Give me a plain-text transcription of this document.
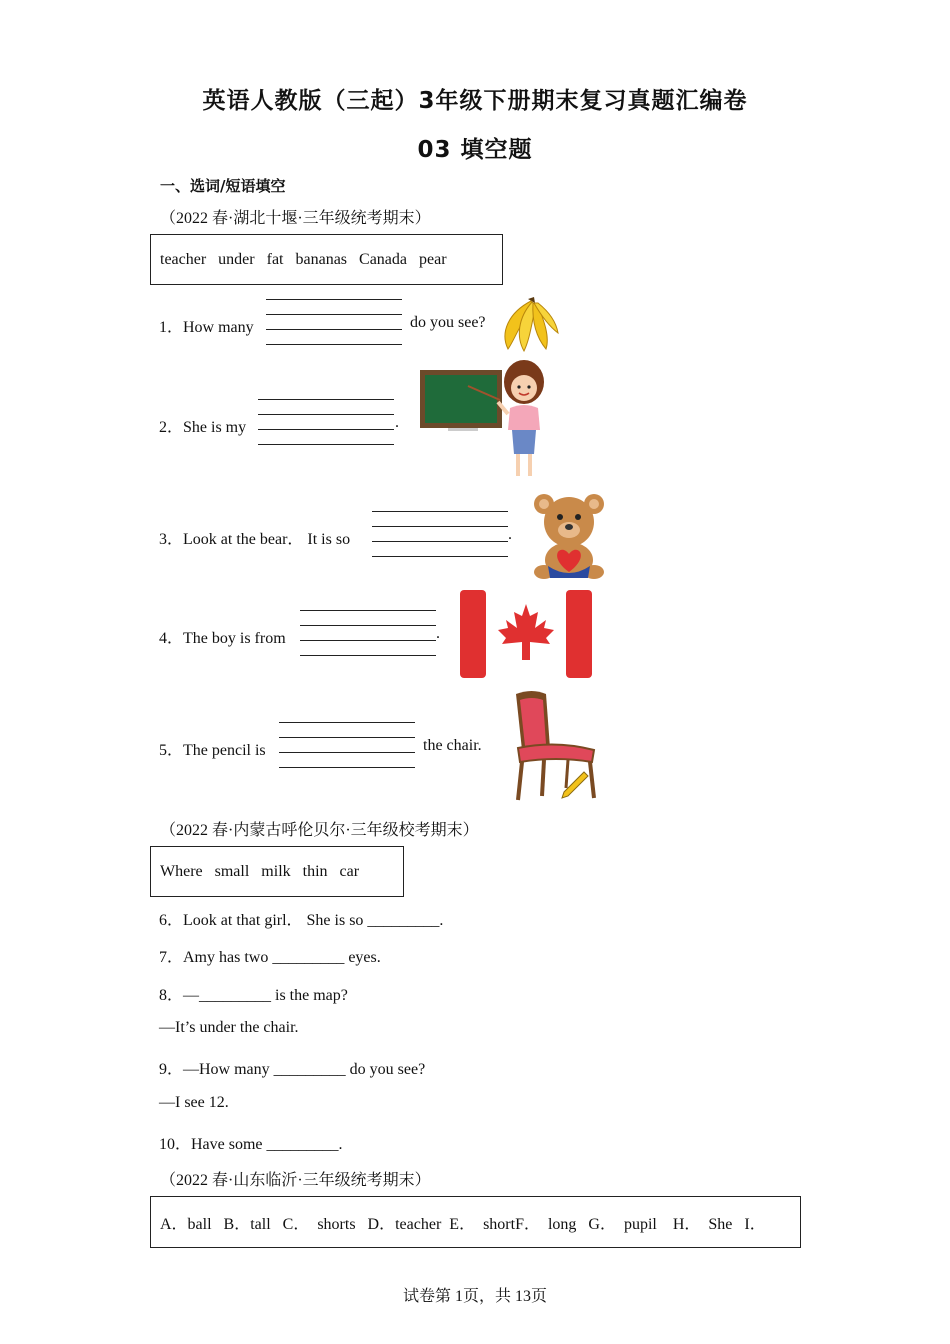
英语人教版（三起）3年级下册期末复习真题汇编卷
03 填空题
一、选词/短语填空
（2022 春·湖北十堰·三年级统考期末）
teacher   under   fat   bananas   Canada   pear
1．How many	do you see?
2．She is my	.
3．Look at the bear． It is so	.
4．The boy is from	.
5．The pencil is	the chair.
（2022 春·内蒙古呼伦贝尔·三年级校考期末）
Where   small   milk   thin   car
6．Look at that girl． She is so _________.
7．Amy has two _________ eyes.
8．—_________ is the map?
—It’s under the chair.
9．—How many _________ do you see?
—I see 12.
10．Have some _________.
（2022 春·山东临沂·三年级统考期末）
A．ball   B．tall   C．  shorts   D．teacher  E．  shortF．  long   G．  pupil    H．  She   I．
试卷第 1页，共 13页
